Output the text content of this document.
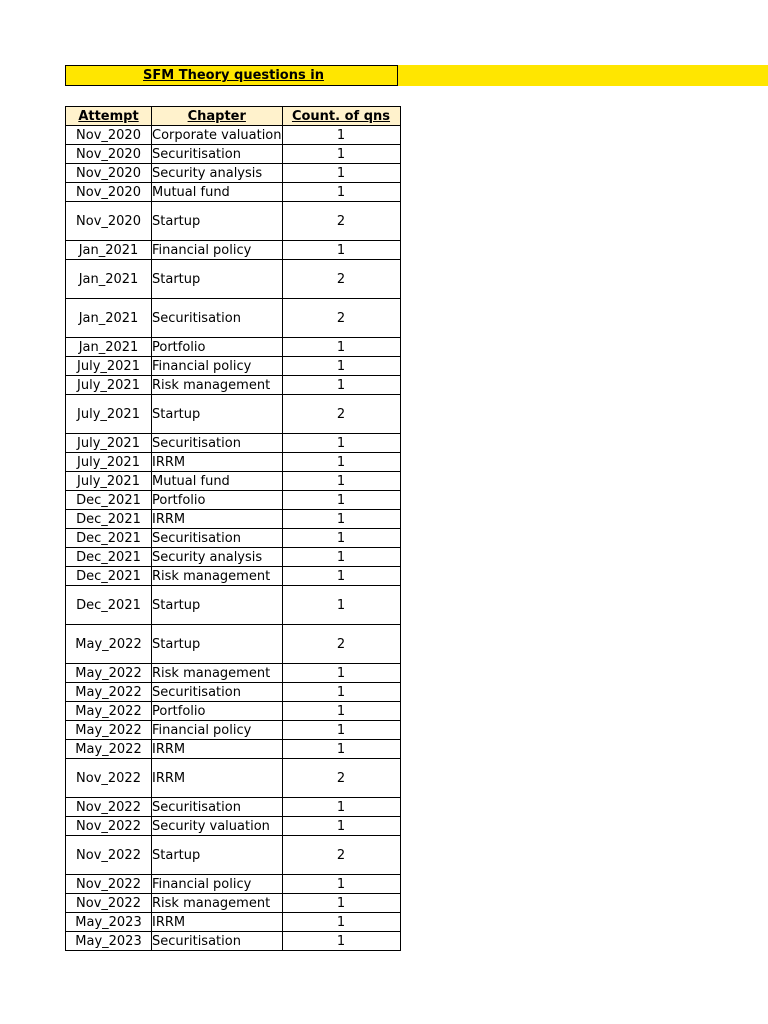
SFM Theory questions in
Attempt	Chapter	Count. of qns
Nov_2020	Corporate valuation	1
Nov_2020	Securitisation	1
Nov_2020	Security analysis	1
Nov_2020	Mutual fund	1
Nov_2020	Startup	2
Jan_2021	Financial policy	1
Jan_2021	Startup	2
Jan_2021	Securitisation	2
Jan_2021	Portfolio	1
July_2021	Financial policy	1
July_2021	Risk management	1
July_2021	Startup	2
July_2021	Securitisation	1
July_2021	IRRM	1
July_2021	Mutual fund	1
Dec_2021	Portfolio	1
Dec_2021	IRRM	1
Dec_2021	Securitisation	1
Dec_2021	Security analysis	1
Dec_2021	Risk management	1
Dec_2021	Startup	1
May_2022	Startup	2
May_2022	Risk management	1
May_2022	Securitisation	1
May_2022	Portfolio	1
May_2022	Financial policy	1
May_2022	IRRM	1
Nov_2022	IRRM	2
Nov_2022	Securitisation	1
Nov_2022	Security valuation	1
Nov_2022	Startup	2
Nov_2022	Financial policy	1
Nov_2022	Risk management	1
May_2023	IRRM	1
May_2023	Securitisation	1
